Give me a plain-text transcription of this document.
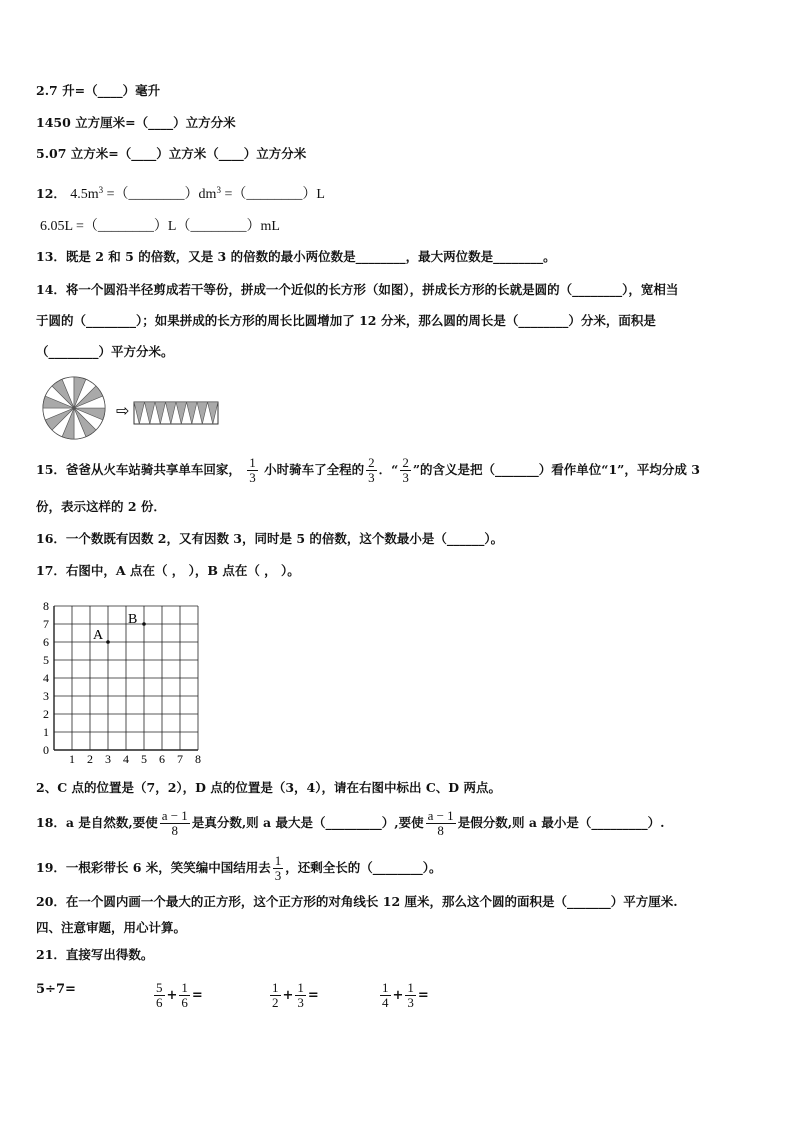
2.7 升=（____）毫升
1450 立方厘米=（____）立方分米
5.07 立方米=（____）立方米（____）立方分米
12． $4.5m^3$ $=(\_\_\_\_\_\_\_\_)dm^3$ =（________）L
6.05L =（________）L（________）mL
13．既是 2 和 5 的倍数，又是 3 的倍数的最小两位数是________，最大两位数是________。
14．将一个圆沿半径剪成若干等份，拼成一个近似的长方形（如图），拼成长方形的长就是圆的（________），宽相当
于圆的（________）；如果拼成的长方形的周长比圆增加了 12 分米，那么圆的周长是（________）分米，面积是
（________）平方分米。
⇨
15．爸爸从火车站骑共享单车回家， $\frac{1}{3}$ 小时骑车了全程的 $\frac{2}{3}$ ．“ $\frac{2}{3}$ ”的含义是把（_______）看作单位“1”，平均分成 3
份，表示这样的 2 份．
16．一个数既有因数 2，又有因数 3，同时是 5 的倍数，这个数最小是（______）。
17．右图中，A 点在（ ， ），B 点在（ ， ）。
0
1
2
3
4
5
6
7
8
1 2 3 4 5 6 7 8
A
B
2、C 点的位置是（7，2），D 点的位置是（3，4），请在右图中标出 C、D 两点。
18．a 是自然数,要使 $\frac{a - 1}{8}$ 是真分数,则 a 最大是（_________）,要使 $\frac{a - 1}{8}$ 是假分数,则 a 最小是（_________）.
19．一根彩带长 6 米，笑笑编中国结用去 $\frac{1}{3}$ ，还剩全长的（________）。
20．在一个圆内画一个最大的正方形，这个正方形的对角线长 12 厘米，那么这个圆的面积是（_______）平方厘米.
四、注意审题，用心计算。
21．直接写出得数。
5÷7=	$\frac{5}{6} + \frac{1}{6}$ =	$\frac{1}{2} + \frac{1}{3}$ =	$\frac{1}{4} + \frac{1}{3}$ =
